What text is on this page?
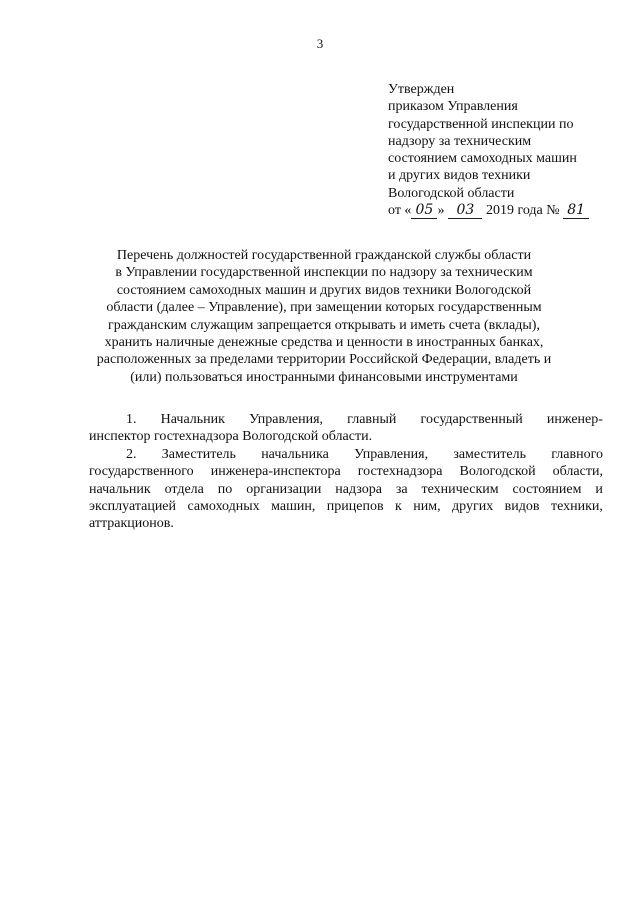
3
Утвержден
приказом Управления
государственной инспекции по
надзору за техническим
состоянием самоходных машин
и других видов техники
Вологодской области
от « 05 » 03 2019 года № 81
Перечень должностей государственной гражданской службы области
в Управлении государственной инспекции по надзору за техническим
состоянием самоходных машин и других видов техники Вологодской
области (далее – Управление), при замещении которых государственным
гражданским служащим запрещается открывать и иметь счета (вклады),
хранить наличные денежные средства и ценности в иностранных банках,
расположенных за пределами территории Российской Федерации, владеть и
(или) пользоваться иностранными финансовыми инструментами
1. Начальник Управления, главный государственный инженер-
инспектор гостехнадзора Вологодской области.
2. Заместитель начальника Управления, заместитель главного
государственного инженера-инспектора гостехнадзора Вологодской области,
начальник отдела по организации надзора за техническим состоянием и
эксплуатацией самоходных машин, прицепов к ним, других видов техники,
аттракционов.
